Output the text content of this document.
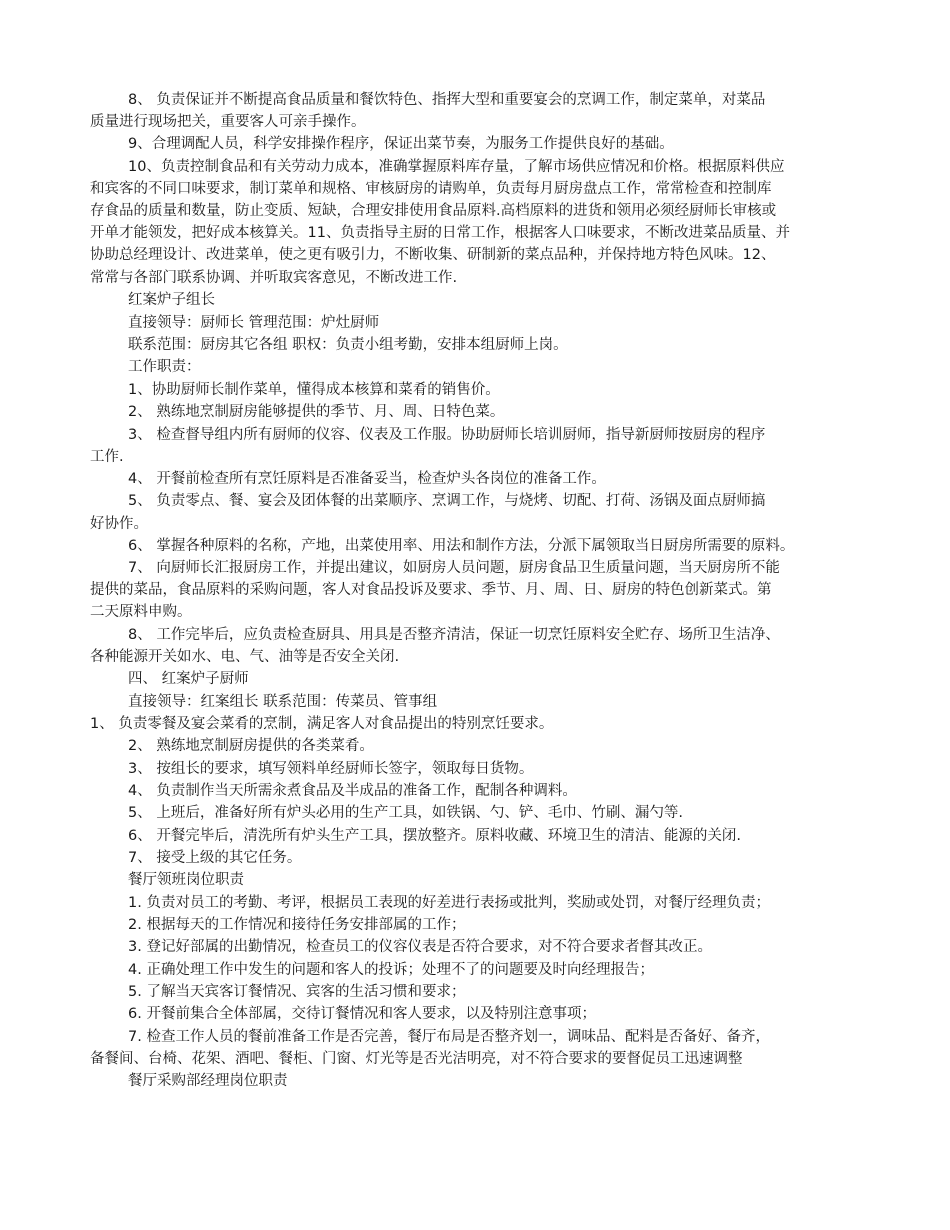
8、 负责保证并不断提高食品质量和餐饮特色、指挥大型和重要宴会的烹调工作，制定菜单，对菜品
质量进行现场把关，重要客人可亲手操作。
9、合理调配人员，科学安排操作程序，保证出菜节奏，为服务工作提供良好的基础。
10、负责控制食品和有关劳动力成本，准确掌握原料库存量，了解市场供应情况和价格。根据原料供应
和宾客的不同口味要求，制订菜单和规格、审核厨房的请购单，负责每月厨房盘点工作，常常检查和控制库
存食品的质量和数量，防止变质、短缺，合理安排使用食品原料.高档原料的进货和领用必须经厨师长审核或
开单才能领发，把好成本核算关。11、负责指导主厨的日常工作，根据客人口味要求，不断改进菜品质量、并
协助总经理设计、改进菜单，使之更有吸引力，不断收集、研制新的菜点品种，并保持地方特色风味。12、
常常与各部门联系协调、并听取宾客意见，不断改进工作.
红案炉子组长
直接领导：厨师长 管理范围：炉灶厨师
联系范围：厨房其它各组 职权：负责小组考勤，安排本组厨师上岗。
工作职责：
1、协助厨师长制作菜单，懂得成本核算和菜肴的销售价。
2、 熟练地烹制厨房能够提供的季节、月、周、日特色菜。
3、 检查督导组内所有厨师的仪容、仪表及工作服。协助厨师长培训厨师，指导新厨师按厨房的程序
工作.
4、 开餐前检查所有烹饪原料是否准备妥当，检查炉头各岗位的准备工作。
5、 负责零点、餐、宴会及团体餐的出菜顺序、烹调工作，与烧烤、切配、打荷、汤锅及面点厨师搞
好协作。
6、 掌握各种原料的名称，产地，出菜使用率、用法和制作方法，分派下属领取当日厨房所需要的原料。
7、 向厨师长汇报厨房工作，并提出建议，如厨房人员问题，厨房食品卫生质量问题，当天厨房所不能
提供的菜品，食品原料的采购问题，客人对食品投诉及要求、季节、月、周、日、厨房的特色创新菜式。第
二天原料申购。
8、 工作完毕后，应负责检查厨具、用具是否整齐清洁，保证一切烹饪原料安全贮存、场所卫生洁净、
各种能源开关如水、电、气、油等是否安全关闭.
四、 红案炉子厨师
直接领导：红案组长 联系范围：传菜员、管事组
1、 负责零餐及宴会菜肴的烹制，满足客人对食品提出的特别烹饪要求。
2、 熟练地烹制厨房提供的各类菜肴。
3、 按组长的要求，填写领料单经厨师长签字，领取每日货物。
4、 负责制作当天所需汆煮食品及半成品的准备工作，配制各种调料。
5、 上班后，准备好所有炉头必用的生产工具，如铁锅、勺、铲、毛巾、竹刷、漏勺等.
6、 开餐完毕后，清洗所有炉头生产工具，摆放整齐。原料收藏、环境卫生的清洁、能源的关闭.
7、 接受上级的其它任务。
餐厅领班岗位职责
1. 负责对员工的考勤、考评，根据员工表现的好差进行表扬或批判，奖励或处罚，对餐厅经理负责；
2. 根据每天的工作情况和接待任务安排部属的工作；
3. 登记好部属的出勤情况，检查员工的仪容仪表是否符合要求，对不符合要求者督其改正。
4. 正确处理工作中发生的问题和客人的投诉；处理不了的问题要及时向经理报告；
5. 了解当天宾客订餐情况、宾客的生活习惯和要求；
6. 开餐前集合全体部属，交待订餐情况和客人要求，以及特别注意事项；
7. 检查工作人员的餐前准备工作是否完善，餐厅布局是否整齐划一，调味品、配料是否备好、备齐，
备餐间、台椅、花架、酒吧、餐柜、门窗、灯光等是否光洁明亮，对不符合要求的要督促员工迅速调整
餐厅采购部经理岗位职责
